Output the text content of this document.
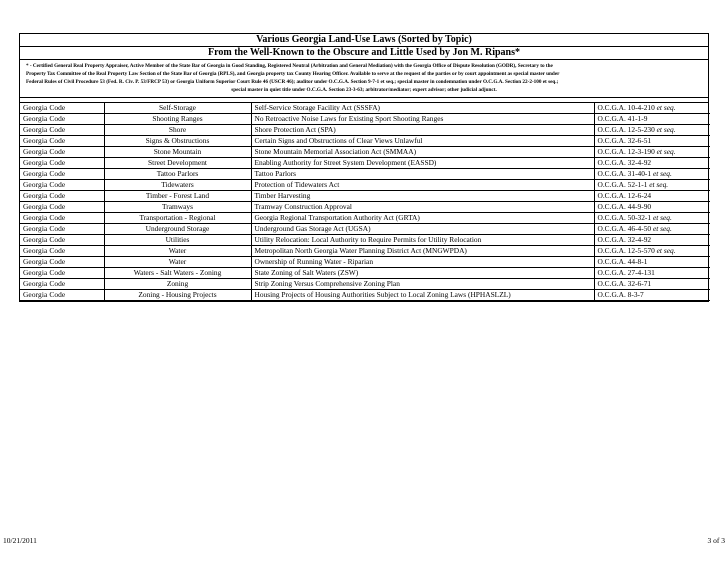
Various Georgia Land-Use Laws (Sorted by Topic)
From the Well-Known to the Obscure and Little Used by Jon M. Ripans*
* - Certified General Real Property Appraiser, Active Member of the State Bar of Georgia in Good Standing, Registered Neutral (Arbitration and General Mediation) with the Georgia Office of Dispute Resolution (GODR), Secretary to the
Property Tax Committee of the Real Property Law Section of the State Bar of Georgia (RPLS), and Georgia property tax County Hearing Officer. Available to serve at the request of the parties or by court appointment as special master under
Federal Rules of Civil Procedure 53 (Fed. R. Civ. P. 53/FRCP 53) or Georgia Uniform Superior Court Rule 46 (USCR 46); auditor under O.C.G.A. Section 9-7-1 et seq.; special master in condemnation under O.C.G.A. Section 22-2-100 et seq.;
special master in quiet title under O.C.G.A. Section 23-3-63; arbitrator/mediator; expert advisor; other judicial adjunct.
Georgia Code	Self-Storage	Self-Service Storage Facility Act (SSSFA)	O.C.G.A. 10-4-210 et seq.
Georgia Code	Shooting Ranges	No Retroactive Noise Laws for Existing Sport Shooting Ranges	O.C.G.A. 41-1-9
Georgia Code	Shore	Shore Protection Act (SPA)	O.C.G.A. 12-5-230 et seq.
Georgia Code	Signs & Obstructions	Certain Signs and Obstructions of Clear Views Unlawful	O.C.G.A. 32-6-51
Georgia Code	Stone Mountain	Stone Mountain Memorial Association Act (SMMAA)	O.C.G.A. 12-3-190 et seq.
Georgia Code	Street Development	Enabling Authority for Street System Development (EASSD)	O.C.G.A. 32-4-92
Georgia Code	Tattoo Parlors	Tattoo Parlors	O.C.G.A. 31-40-1 et seq.
Georgia Code	Tidewaters	Protection of Tidewaters Act	O.C.G.A. 52-1-1 et seq.
Georgia Code	Timber - Forest Land	Timber Harvesting	O.C.G.A. 12-6-24
Georgia Code	Tramways	Tramway Construction Approval	O.C.G.A. 44-9-90
Georgia Code	Transportation - Regional	Georgia Regional Transportation Authority Act (GRTA)	O.C.G.A. 50-32-1 et seq.
Georgia Code	Underground Storage	Underground Gas Storage Act (UGSA)	O.C.G.A. 46-4-50 et seq.
Georgia Code	Utilities	Utility Relocation: Local Authority to Require Permits for Utility Relocation	O.C.G.A. 32-4-92
Georgia Code	Water	Metropolitan North Georgia Water Planning District Act (MNGWPDA)	O.C.G.A. 12-5-570 et seq.
Georgia Code	Water	Ownership of Running Water - Riparian	O.C.G.A. 44-8-1
Georgia Code	Waters - Salt Waters - Zoning	State Zoning of Salt Waters (ZSW)	O.C.G.A. 27-4-131
Georgia Code	Zoning	Strip Zoning Versus Comprehensive Zoning Plan	O.C.G.A. 32-6-71
Georgia Code	Zoning - Housing Projects	Housing Projects of Housing Authorities Subject to Local Zoning Laws (HPHASLZL)	O.C.G.A. 8-3-7
10/21/2011	3 of 3
